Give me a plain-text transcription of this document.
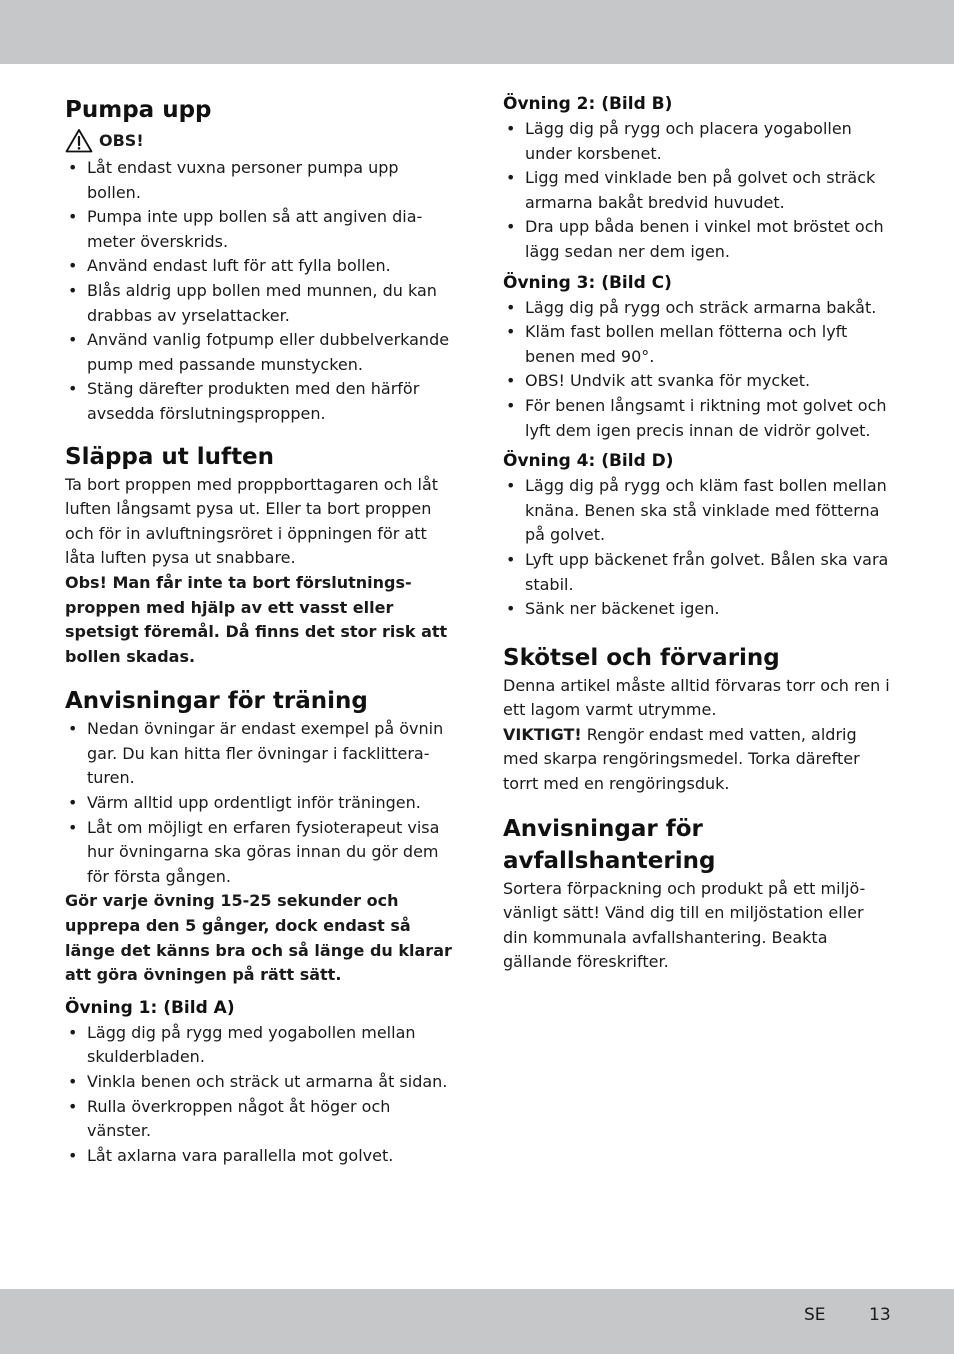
Pumpa upp
OBS!
• Låt endast vuxna personer pumpa upp bollen.
• Pumpa inte upp bollen så att angiven dia-meter överskrids.
• Använd endast luft för att fylla bollen.
• Blås aldrig upp bollen med munnen, du kan drabbas av yrselattacker.
• Använd vanlig fotpump eller dubbelverkande pump med passande munstycken.
• Stäng därefter produkten med den härför avsedda förslutningsproppen.
Släppa ut luften

Ta bort proppen med proppborttagaren och låt luften långsamt pysa ut. Eller ta bort proppen och för in avluftningsröret i öppningen för att låta luften pysa ut snabbare.

Obs! Man får inte ta bort förslutnings-proppen med hjälp av ett vasst eller spetsigt föremål. Då finns det stor risk att bollen skadas.

Anvisningar för träning
• Nedan övningar är endast exempel på övnin gar. Du kan hitta fler övningar i facklittera-turen.
• Värm alltid upp ordentligt inför träningen.
• Låt om möjligt en erfaren fysioterapeut visa hur övningarna ska göras innan du gör dem för första gången.

Gör varje övning 15-25 sekunder och upprepa den 5 gånger, dock endast så länge det känns bra och så länge du klarar att göra övningen på rätt sätt.

Övning 1: (Bild A)
• Lägg dig på rygg med yogabollen mellan skulderbladen.
• Vinkla benen och sträck ut armarna åt sidan.
• Rulla överkroppen något åt höger och vänster.
• Låt axlarna vara parallella mot golvet.
Övning 2: (Bild B)
• Lägg dig på rygg och placera yogabollen under korsbenet.
• Ligg med vinklade ben på golvet och sträck armarna bakåt bredvid huvudet.
• Dra upp båda benen i vinkel mot bröstet och lägg sedan ner dem igen.
Övning 3: (Bild C)
• Lägg dig på rygg och sträck armarna bakåt.
• Kläm fast bollen mellan fötterna och lyft benen med 90°.
• OBS! Undvik att svanka för mycket.
• För benen långsamt i riktning mot golvet och lyft dem igen precis innan de vidrör golvet.
Övning 4: (Bild D)
• Lägg dig på rygg och kläm fast bollen mellan knäna. Benen ska stå vinklade med fötterna på golvet.
• Lyft upp bäckenet från golvet. Bålen ska vara stabil.
• Sänk ner bäckenet igen.
Skötsel och förvaring

Denna artikel måste alltid förvaras torr och ren i ett lagom varmt utrymme.

VIKTIGT! Rengör endast med vatten, aldrig med skarpa rengöringsmedel. Torka därefter torrt med en rengöringsduk.

Anvisningar för avfallshantering

Sortera förpackning och produkt på ett miljö-vänligt sätt! Vänd dig till en miljöstation eller din kommunala avfallshantering. Beakta gällande föreskrifter.

SE	13
